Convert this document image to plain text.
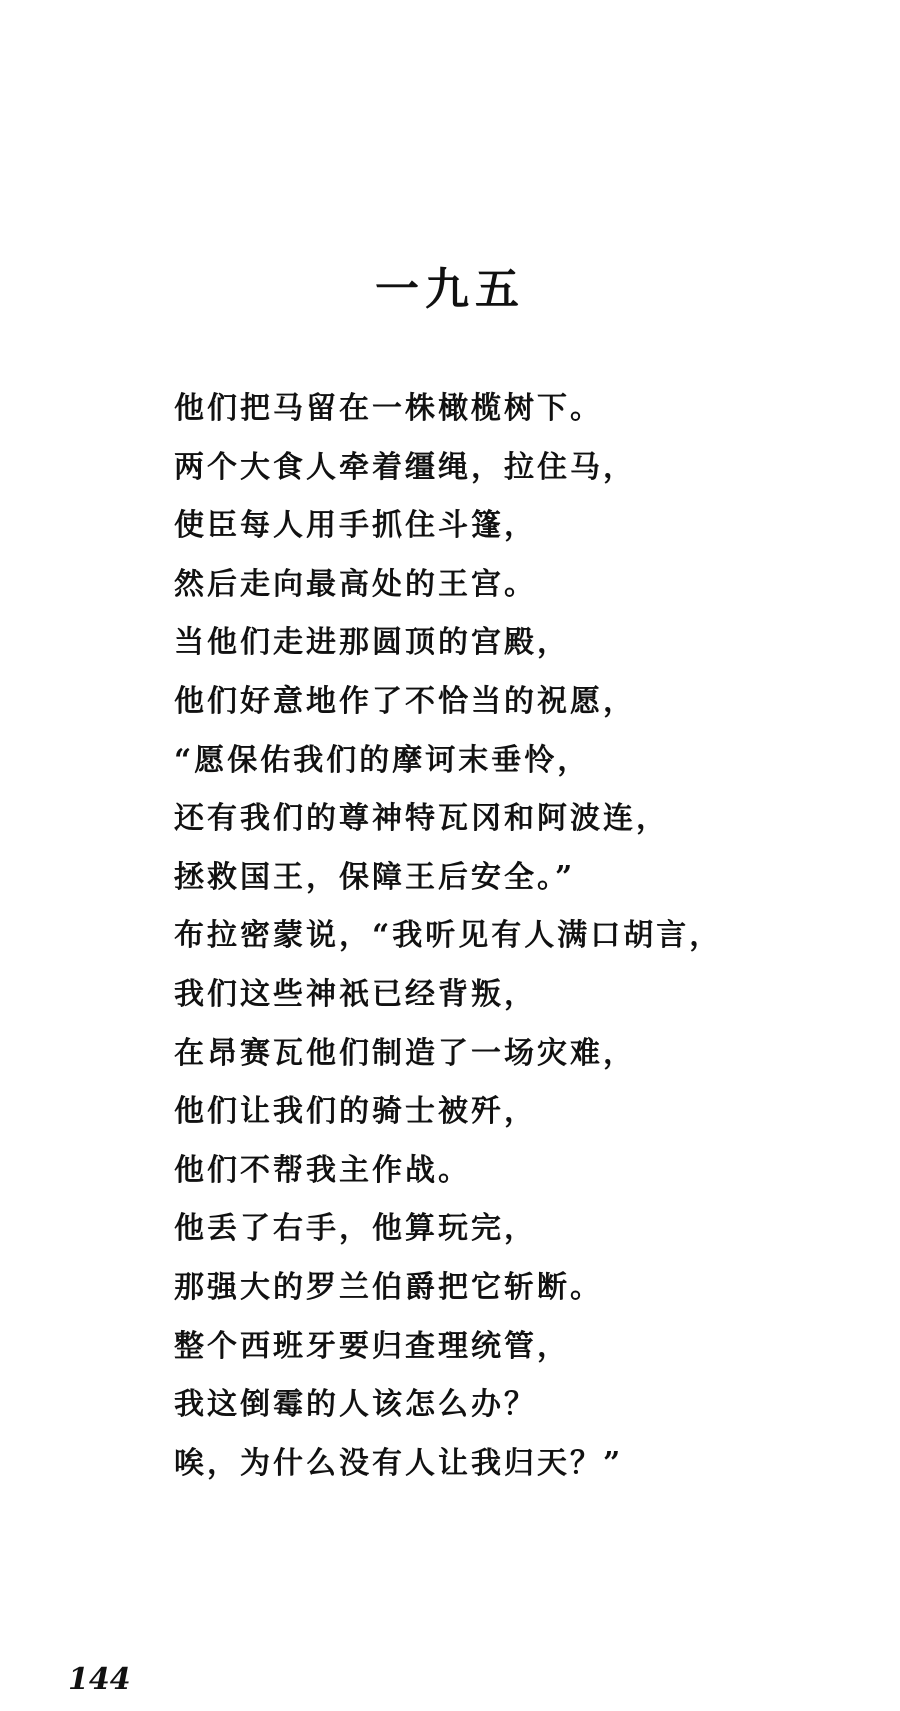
一九五
他们把马留在一株橄榄树下。
两个大食人牵着缰绳，拉住马，
使臣每人用手抓住斗篷，
然后走向最高处的王宫。
当他们走进那圆顶的宫殿，
他们好意地作了不恰当的祝愿，
“愿保佑我们的摩诃末垂怜，
还有我们的尊神特瓦冈和阿波连，
拯救国王，保障王后安全。”
布拉密蒙说，“我听见有人满口胡言，
我们这些神祇已经背叛，
在昂赛瓦他们制造了一场灾难，
他们让我们的骑士被歼，
他们不帮我主作战。
他丢了右手，他算玩完，
那强大的罗兰伯爵把它斩断。
整个西班牙要归查理统管，
我这倒霉的人该怎么办？
唉，为什么没有人让我归天？”
144
